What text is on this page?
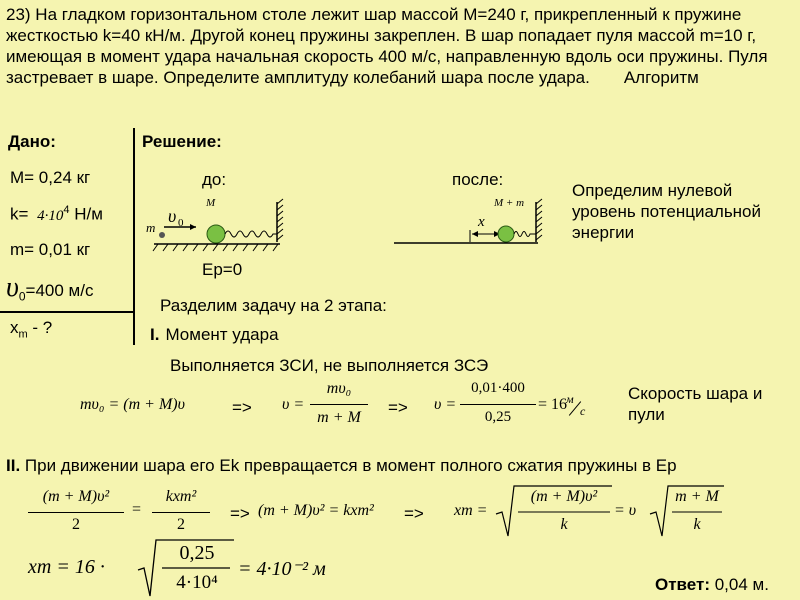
23) На гладком горизонтальном столе лежит шар массой М=240 г, прикрепленный к пружине жесткостью k=40 кН/м. Другой конец пружины закреплен. В шар попадает пуля массой m=10 г, имеющая в момент удара начальная скорость 400 м/с, направленную вдоль оси пружины. Пуля застревает в шаре. Определите амплитуду колебаний шара после удара. Алгоритм
Дано:
М= 0,24 кг
$k= 4\cdot 10^4$ Н/м
m= 0,01 кг
$\upsilon_0=400$ м/с
$x_m$ - ?
Решение:
до:	после:
m
υ 0
M
Ep=0
M + m
x
Определим нулевой уровень потенциальной энергии
Разделим задачу на 2 этапа:
I. Момент удара
Выполняется ЗСИ, не выполняется ЗСЭ
mυ₀ = (m + M)υ	=> υ =
mυ₀
m + M
=> υ =
0,01·400
0,25
= 16
м
с
Скорость шара и пули
II. При движении шара его Ek превращается в момент полного сжатия пружины в Ep
(m + M)υ²
2
=
kxm²
2
=> (m + M)υ² = kxm² => xm =
(m + M)υ²
k
= υ
m + M
k
xm = 16 ·
0,25
4·10⁴
= 4·10⁻² м
Ответ: 0,04 м.
